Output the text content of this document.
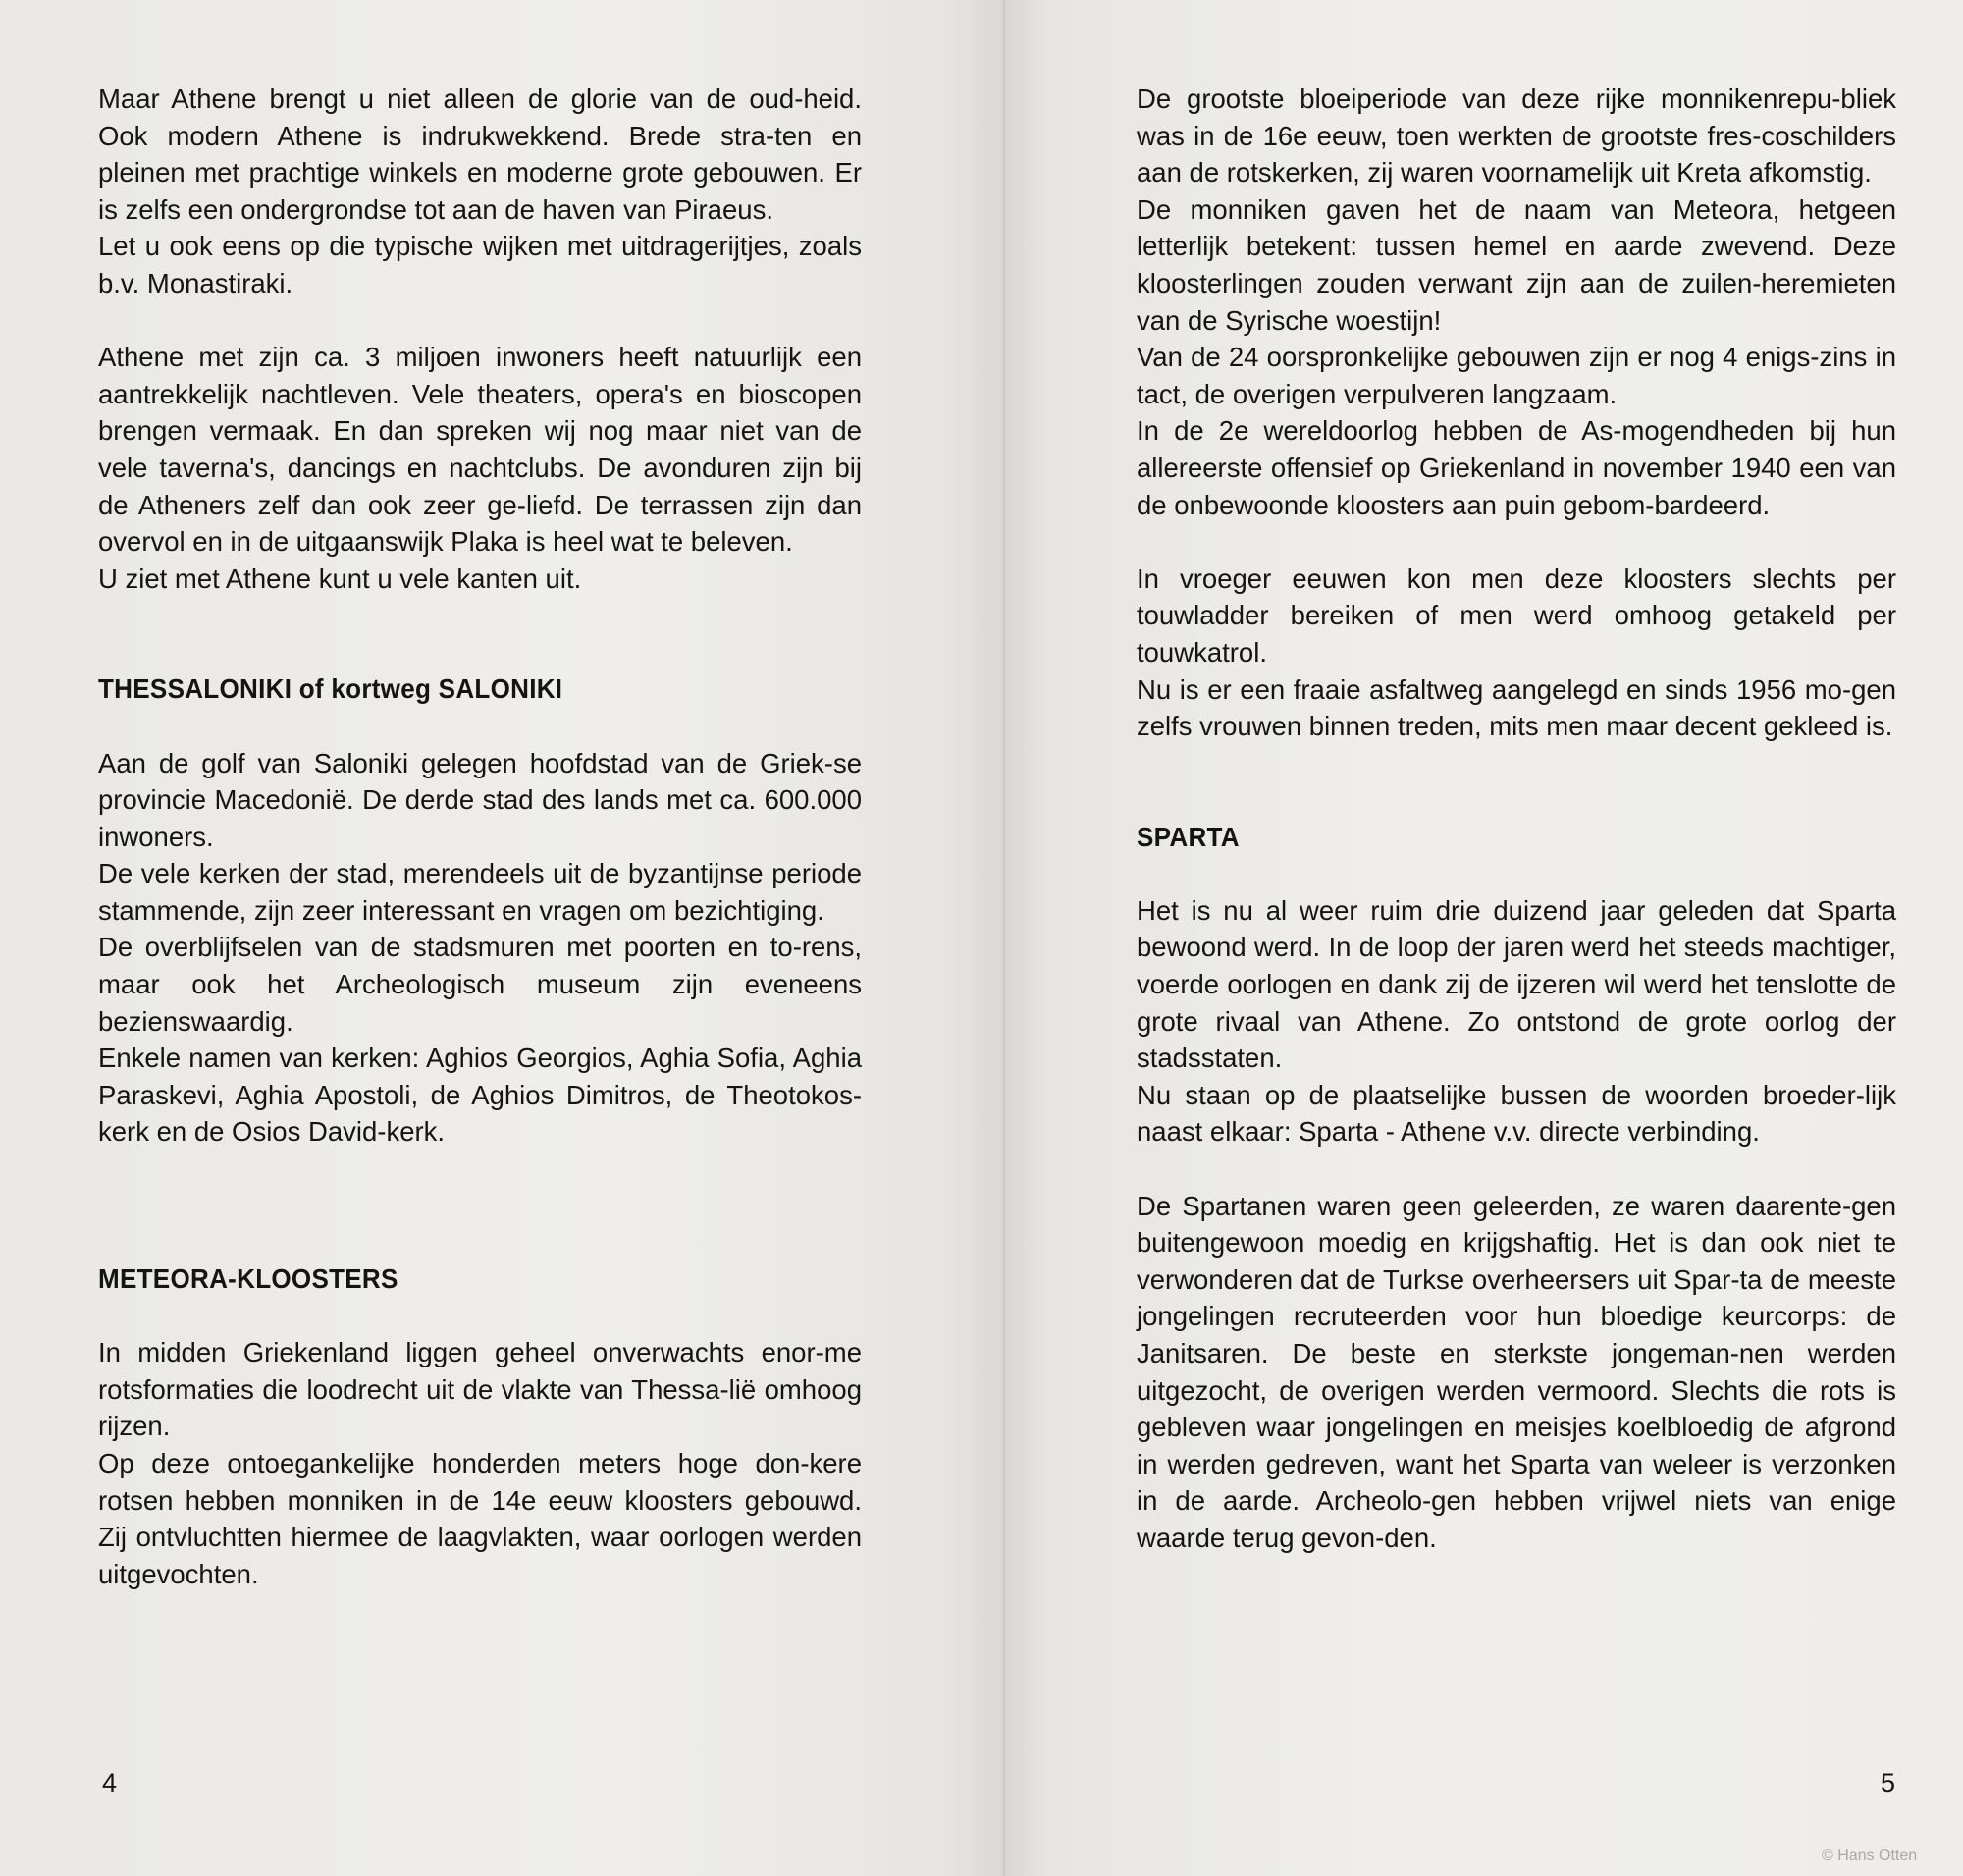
Maar Athene brengt u niet alleen de glorie van de oud-heid. Ook modern Athene is indrukwekkend. Brede stra-ten en pleinen met prachtige winkels en moderne grote gebouwen. Er is zelfs een ondergrondse tot aan de haven van Piraeus.

Let u ook eens op die typische wijken met uitdragerijtjes, zoals b.v. Monastiraki.

Athene met zijn ca. 3 miljoen inwoners heeft natuurlijk een aantrekkelijk nachtleven. Vele theaters, opera's en bioscopen brengen vermaak. En dan spreken wij nog maar niet van de vele taverna's, dancings en nachtclubs. De avonduren zijn bij de Atheners zelf dan ook zeer ge-liefd. De terrassen zijn dan overvol en in de uitgaanswijk Plaka is heel wat te beleven.

U ziet met Athene kunt u vele kanten uit.

THESSALONIKI of kortweg SALONIKI

Aan de golf van Saloniki gelegen hoofdstad van de Griek-se provincie Macedonië. De derde stad des lands met ca. 600.000 inwoners.

De vele kerken der stad, merendeels uit de byzantijnse periode stammende, zijn zeer interessant en vragen om bezichtiging.

De overblijfselen van de stadsmuren met poorten en to-rens, maar ook het Archeologisch museum zijn eveneens bezienswaardig.

Enkele namen van kerken: Aghios Georgios, Aghia Sofia, Aghia Paraskevi, Aghia Apostoli, de Aghios Dimitros, de Theotokos-kerk en de Osios David-kerk.

METEORA-KLOOSTERS

In midden Griekenland liggen geheel onverwachts enor-me rotsformaties die loodrecht uit de vlakte van Thessa-lië omhoog rijzen.

Op deze ontoegankelijke honderden meters hoge don-kere rotsen hebben monniken in de 14e eeuw kloosters gebouwd. Zij ontvluchtten hiermee de laagvlakten, waar oorlogen werden uitgevochten.

4

De grootste bloeiperiode van deze rijke monnikenrepu-bliek was in de 16e eeuw, toen werkten de grootste fres-coschilders aan de rotskerken, zij waren voornamelijk uit Kreta afkomstig.

De monniken gaven het de naam van Meteora, hetgeen letterlijk betekent: tussen hemel en aarde zwevend. Deze kloosterlingen zouden verwant zijn aan de zuilen-heremieten van de Syrische woestijn!

Van de 24 oorspronkelijke gebouwen zijn er nog 4 enigs-zins in tact, de overigen verpulveren langzaam.

In de 2e wereldoorlog hebben de As-mogendheden bij hun allereerste offensief op Griekenland in november 1940 een van de onbewoonde kloosters aan puin gebom-bardeerd.

In vroeger eeuwen kon men deze kloosters slechts per touwladder bereiken of men werd omhoog getakeld per touwkatrol.

Nu is er een fraaie asfaltweg aangelegd en sinds 1956 mo-gen zelfs vrouwen binnen treden, mits men maar decent gekleed is.

SPARTA

Het is nu al weer ruim drie duizend jaar geleden dat Sparta bewoond werd. In de loop der jaren werd het steeds machtiger, voerde oorlogen en dank zij de ijzeren wil werd het tenslotte de grote rivaal van Athene. Zo ontstond de grote oorlog der stadsstaten.

Nu staan op de plaatselijke bussen de woorden broeder-lijk naast elkaar: Sparta - Athene v.v. directe verbinding.

De Spartanen waren geen geleerden, ze waren daarente-gen buitengewoon moedig en krijgshaftig. Het is dan ook niet te verwonderen dat de Turkse overheersers uit Spar-ta de meeste jongelingen recruteerden voor hun bloedige keurcorps: de Janitsaren. De beste en sterkste jongeman-nen werden uitgezocht, de overigen werden vermoord. Slechts die rots is gebleven waar jongelingen en meisjes koelbloedig de afgrond in werden gedreven, want het Sparta van weleer is verzonken in de aarde. Archeolo-gen hebben vrijwel niets van enige waarde terug gevon-den.

5
© Hans Otten
